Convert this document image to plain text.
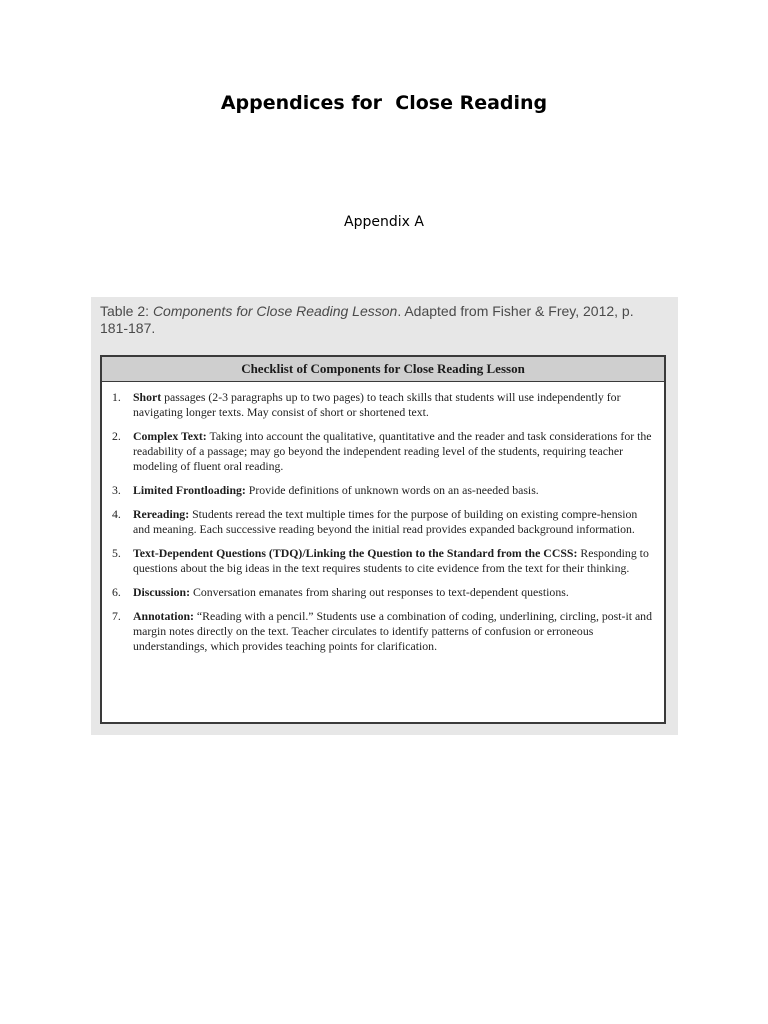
Appendices for  Close Reading
Appendix A
Table 2: Components for Close Reading Lesson. Adapted from Fisher & Frey, 2012, p. 181-187.
Checklist of Components for Close Reading Lesson
1.	Short passages (2-3 paragraphs up to two pages) to teach skills that students will use independently for navigating longer texts. May consist of short or shortened text.
2.	Complex Text: Taking into account the qualitative, quantitative and the reader and task considerations for the readability of a passage; may go beyond the independent reading level of the students, requiring teacher modeling of fluent oral reading.
3.	Limited Frontloading: Provide definitions of unknown words on an as-needed basis.
4.	Rereading: Students reread the text multiple times for the purpose of building on existing compre-hension and meaning. Each successive reading beyond the initial read provides expanded background information.
5.	Text-Dependent Questions (TDQ)/Linking the Question to the Standard from the CCSS: Responding to questions about the big ideas in the text requires students to cite evidence from the text for their thinking.
6.	Discussion: Conversation emanates from sharing out responses to text-dependent questions.
7.	Annotation: “Reading with a pencil.” Students use a combination of coding, underlining, circling, post-it and margin notes directly on the text. Teacher circulates to identify patterns of confusion or erroneous understandings, which provides teaching points for clarification.
